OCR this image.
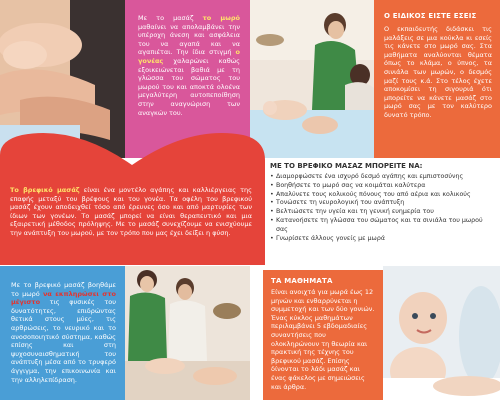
Με το μασάζ το μωρό μαθαίνει να απολαμβάνει την υπέροχη άνεση και ασφάλεια του να αγαπά και να αγαπιέται. Την ίδια στιγμή ο γονέας χαλαρώνει καθώς εξοικειώνεται βαθιά με τη γλώσσα του σώματος του μωρού του και αποκτά ολοένα μεγαλύτερη αυτοπεποίθηση στην αναγνώριση των αναγκών του.
Ο ΕΙΔΙΚΟΣ ΕΙΣΤΕ ΕΣΕΙΣ
Ο εκπαιδευτής διδάσκει τις μαλάξεις σε μια κούκλα κι εσείς τις κάνετε στο μωρό σας. Στα μαθήματα αναλύονται θέματα όπως το κλάμα, ο ύπνος, τα σινιάλα των μωρών, ο δεσμός μαζί τους κ.ά. Στο τέλος έχετε αποκομίσει τη σιγουριά ότι μπορείτε να κάνετε μασάζ στο μωρό σας με τον καλύτερο δυνατό τρόπο.
Το βρεφικό μασάζ είναι ένα μοντέλο αγάπης και καλλιέργειας της επαφής μεταξύ του βρέφους και του γονέα. Τα οφέλη του βρεφικού μασάζ έχουν αποδειχθεί τόσο από έρευνες όσο και από μαρτυρίες των ίδιων των γονέων. Το μασάζ μπορεί να είναι θεραπευτικό και μια εξαιρετική μέθοδος πρόληψης. Με το μασάζ συνεχίζουμε να ενισχύουμε την ανάπτυξη του μωρού, με τον τρόπο που μας έχει δείξει η φύση.
ΜΕ ΤΟ ΒΡΕΦΙΚΟ ΜΑΣΑΖ ΜΠΟΡΕΙΤΕ ΝΑ:
• Διαμορφώσετε ένα ισχυρό δεσμό αγάπης και εμπιστοσύνης
• Βοηθήσετε το μωρό σας να κοιμάται καλύτερα
• Απαλύνετε τους κολικούς πόνους του από αέρια και κολικούς
• Τονώσετε τη νευρολογική του ανάπτυξη
• Βελτιώσετε την υγεία και τη γενική ευημερία του
• Κατανοήσετε τη γλώσσα του σώματος και τα σινιάλα του μωρού σας
• Γνωρίσετε άλλους γονείς με μωρά
Με το βρεφικό μασάζ βοηθάμε το μωρό να εκπληρώσει στο μέγιστο τις φυσικές του δυνατότητες, επιδρώντας θετικά στους μύες, τις αρθρώσεις, το νευρικό και το ανοσοποιητικό σύστημα, καθώς επίσης και στη ψυχοσυναισθηματική του ανάπτυξη μέσα από το τρυφερό άγγιγμα, την επικοινωνία και την αλληλεπίδραση.
ΤΑ ΜΑΘΗΜΑΤΑ
Είναι ανοιχτά για μωρά έως 12 μηνών και ενθαρρύνεται η συμμετοχή και των δύο γονιών. Ένας κύκλος μαθημάτων περιλαμβάνει 5 εβδομαδιαίες συναντήσεις που ολοκληρώνουν τη θεωρία και πρακτική της τέχνης του βρεφικού μασάζ. Επίσης δίνονται το λάδι μασάζ και ένας φάκελος με σημειώσεις και άρθρα.
